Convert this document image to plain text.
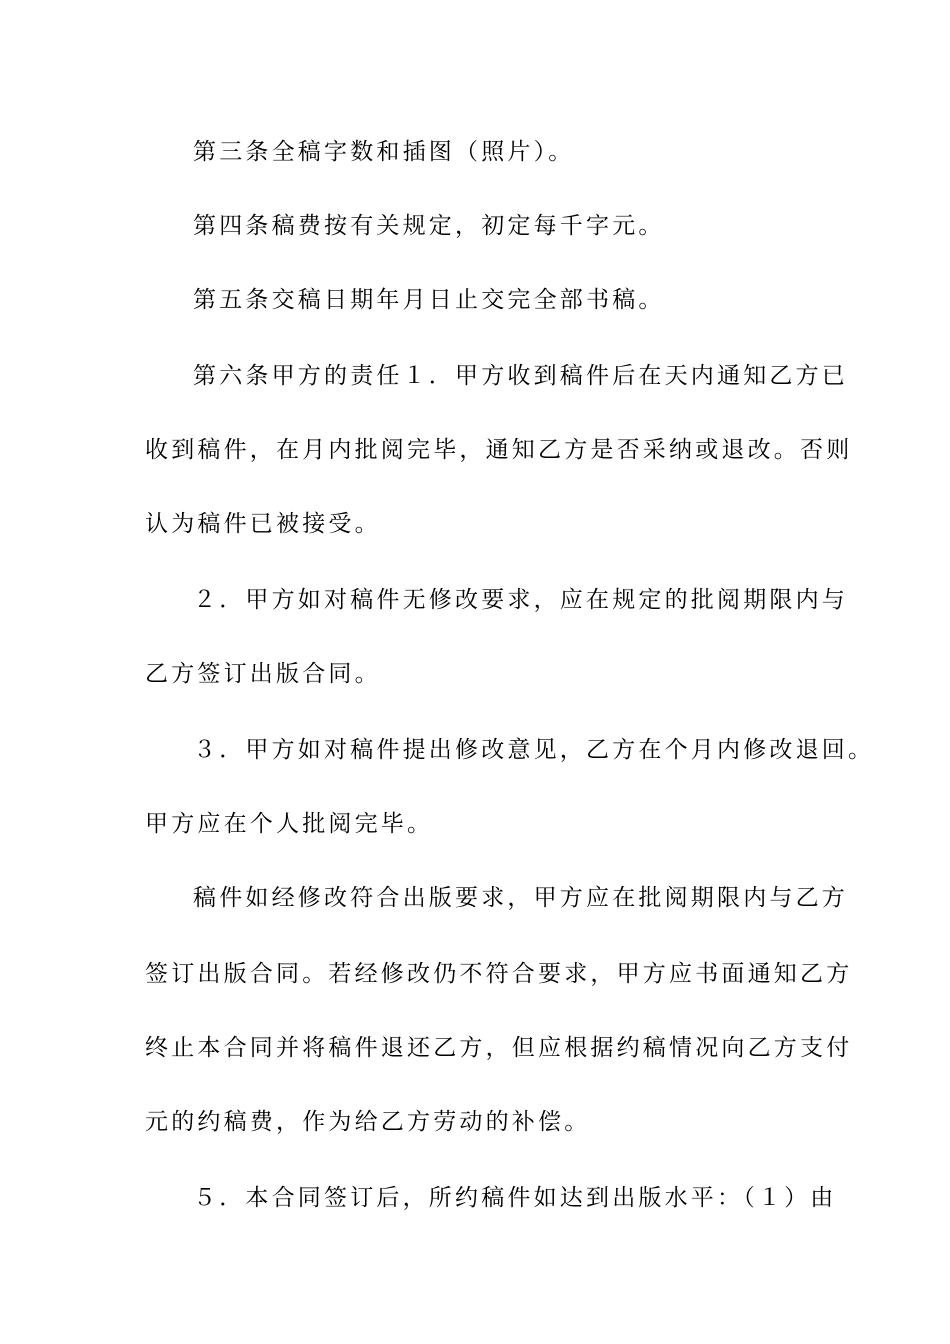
第三条全稿字数和插图（照片）。
第四条稿费按有关规定，初定每千字元。
第五条交稿日期年月日止交完全部书稿。
第六条甲方的责任１．甲方收到稿件后在天内通知乙方已
收到稿件，在月内批阅完毕，通知乙方是否采纳或退改。否则
认为稿件已被接受。
２．甲方如对稿件无修改要求，应在规定的批阅期限内与
乙方签订出版合同。
３．甲方如对稿件提出修改意见，乙方在个月内修改退回。
甲方应在个人批阅完毕。
稿件如经修改符合出版要求，甲方应在批阅期限内与乙方
签订出版合同。若经修改仍不符合要求，甲方应书面通知乙方
终止本合同并将稿件退还乙方，但应根据约稿情况向乙方支付
元的约稿费，作为给乙方劳动的补偿。
５．本合同签订后，所约稿件如达到出版水平：（１）由
